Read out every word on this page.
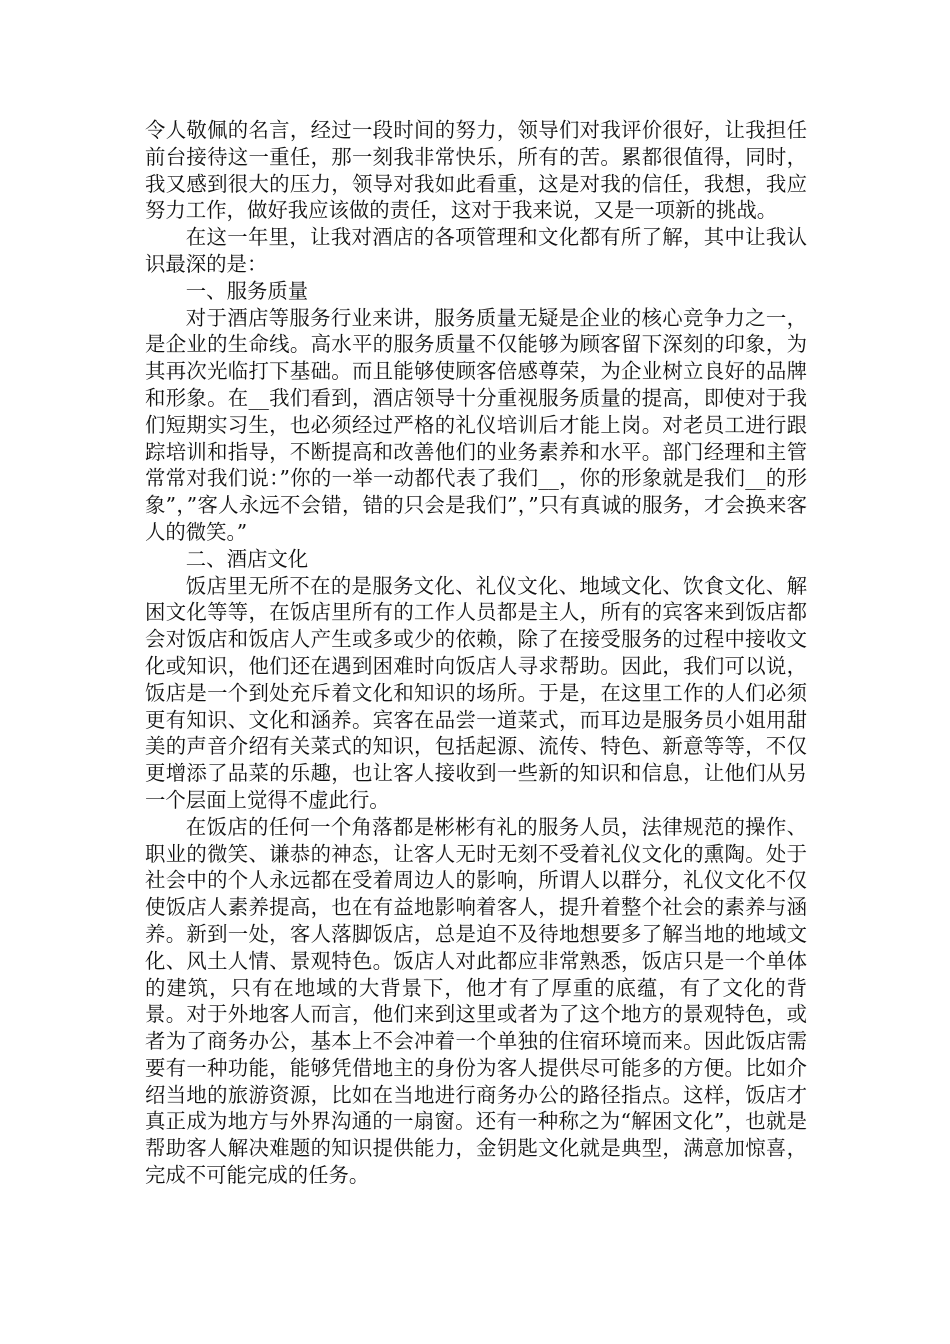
令人敬佩的名言，经过一段时间的努力，领导们对我评价很好，让我担任前台接待这一重任，那一刻我非常快乐，所有的苦。累都很值得，同时，我又感到很大的压力，领导对我如此看重，这是对我的信任，我想，我应努力工作，做好我应该做的责任，这对于我来说，又是一项新的挑战。

在这一年里，让我对酒店的各项管理和文化都有所了解，其中让我认识最深的是：

一、服务质量

对于酒店等服务行业来讲，服务质量无疑是企业的核心竞争力之一，是企业的生命线。高水平的服务质量不仅能够为顾客留下深刻的印象，为其再次光临打下基础。而且能够使顾客倍感尊荣，为企业树立良好的品牌和形象。在__我们看到，酒店领导十分重视服务质量的提高，即使对于我们短期实习生，也必须经过严格的礼仪培训后才能上岗。对老员工进行跟踪培训和指导，不断提高和改善他们的业务素养和水平。部门经理和主管常常对我们说：”你的一举一动都代表了我们__，你的形象就是我们__的形象”，”客人永远不会错，错的只会是我们”，”只有真诚的服务，才会换来客人的微笑。”

二、酒店文化

饭店里无所不在的是服务文化、礼仪文化、地域文化、饮食文化、解困文化等等，在饭店里所有的工作人员都是主人，所有的宾客来到饭店都会对饭店和饭店人产生或多或少的依赖，除了在接受服务的过程中接收文化或知识，他们还在遇到困难时向饭店人寻求帮助。因此，我们可以说，饭店是一个到处充斥着文化和知识的场所。于是，在这里工作的人们必须更有知识、文化和涵养。宾客在品尝一道菜式，而耳边是服务员小姐用甜美的声音介绍有关菜式的知识，包括起源、流传、特色、新意等等，不仅更增添了品菜的乐趣，也让客人接收到一些新的知识和信息，让他们从另一个层面上觉得不虚此行。

在饭店的任何一个角落都是彬彬有礼的服务人员，法律规范的操作、职业的微笑、谦恭的神态，让客人无时无刻不受着礼仪文化的熏陶。处于社会中的个人永远都在受着周边人的影响，所谓人以群分，礼仪文化不仅使饭店人素养提高，也在有益地影响着客人，提升着整个社会的素养与涵养。新到一处，客人落脚饭店，总是迫不及待地想要多了解当地的地域文化、风土人情、景观特色。饭店人对此都应非常熟悉，饭店只是一个单体的建筑，只有在地域的大背景下，他才有了厚重的底蕴，有了文化的背景。对于外地客人而言，他们来到这里或者为了这个地方的景观特色，或者为了商务办公，基本上不会冲着一个单独的住宿环境而来。因此饭店需要有一种功能，能够凭借地主的身份为客人提供尽可能多的方便。比如介绍当地的旅游资源，比如在当地进行商务办公的路径指点。这样，饭店才真正成为地方与外界沟通的一扇窗。还有一种称之为“解困文化”，也就是帮助客人解决难题的知识提供能力，金钥匙文化就是典型，满意加惊喜，完成不可能完成的任务。
